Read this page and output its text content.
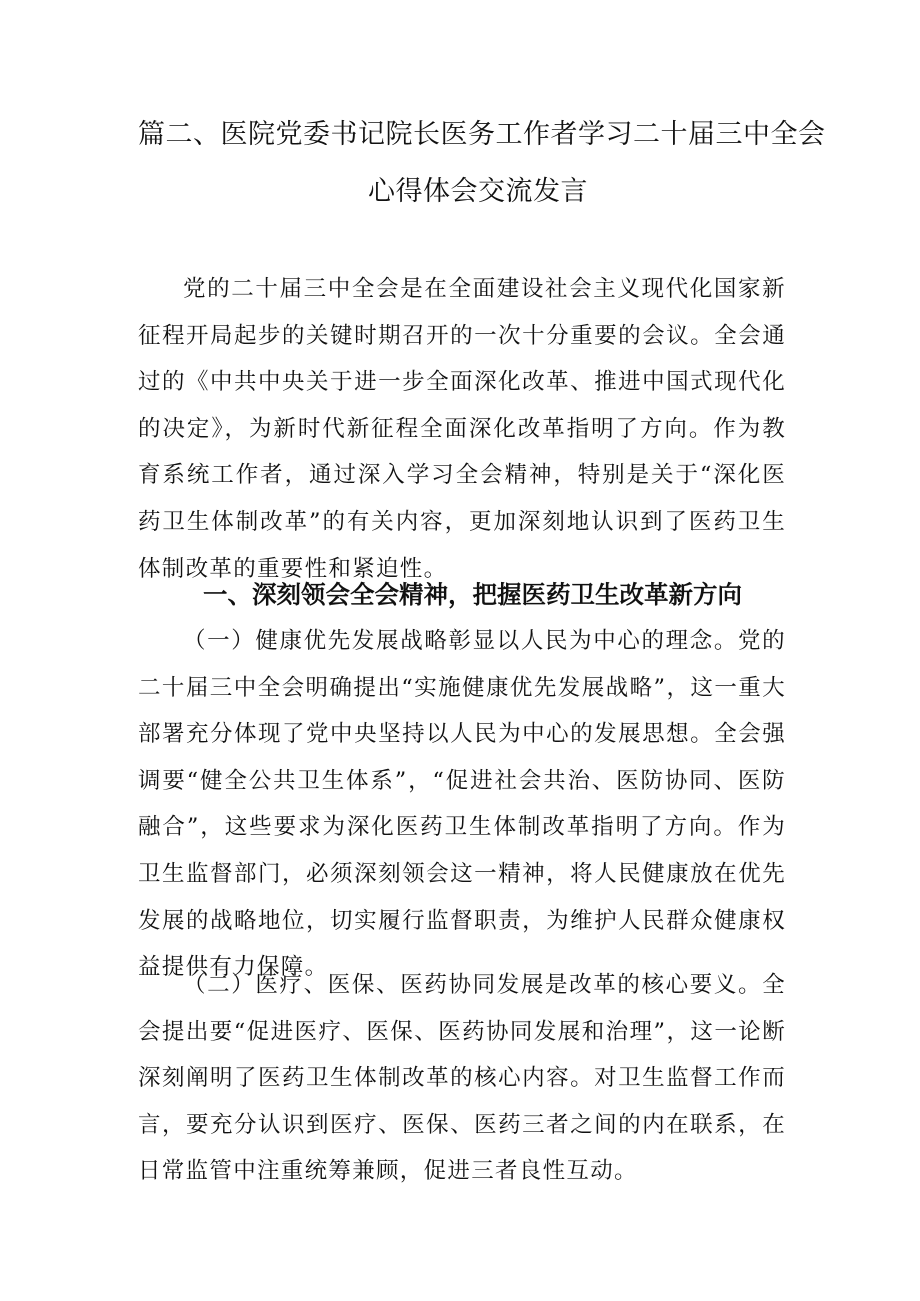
篇二、医院党委书记院长医务工作者学习二十届三中全会
心得体会交流发言

党的二十届三中全会是在全面建设社会主义现代化国家新征程开局起步的关键时期召开的一次十分重要的会议。全会通过的《中共中央关于进一步全面深化改革、推进中国式现代化的决定》，为新时代新征程全面深化改革指明了方向。作为教育系统工作者，通过深入学习全会精神，特别是关于“深化医药卫生体制改革”的有关内容，更加深刻地认识到了医药卫生体制改革的重要性和紧迫性。

一、深刻领会全会精神，把握医药卫生改革新方向

（一）健康优先发展战略彰显以人民为中心的理念。党的二十届三中全会明确提出“实施健康优先发展战略”，这一重大部署充分体现了党中央坚持以人民为中心的发展思想。全会强调要“健全公共卫生体系”，“促进社会共治、医防协同、医防融合”，这些要求为深化医药卫生体制改革指明了方向。作为卫生监督部门，必须深刻领会这一精神，将人民健康放在优先发展的战略地位，切实履行监督职责，为维护人民群众健康权益提供有力保障。

（二）医疗、医保、医药协同发展是改革的核心要义。全会提出要“促进医疗、医保、医药协同发展和治理”，这一论断深刻阐明了医药卫生体制改革的核心内容。对卫生监督工作而言，要充分认识到医疗、医保、医药三者之间的内在联系，在日常监管中注重统筹兼顾，促进三者良性互动。
